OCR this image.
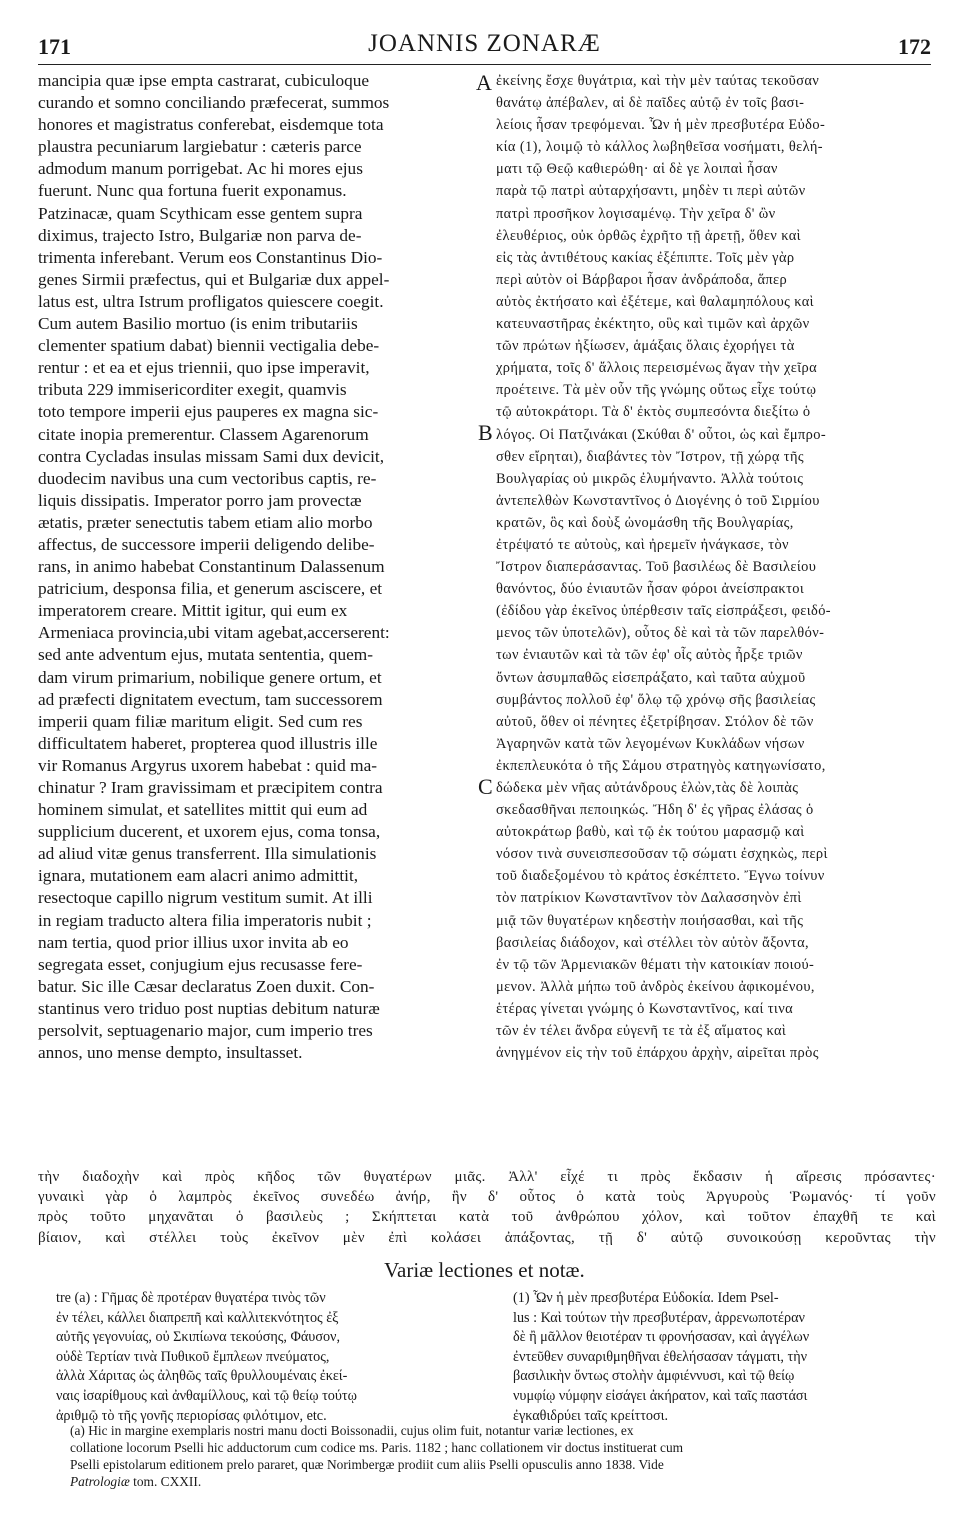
171	JOANNIS ZONARÆ	172

mancipia quæ ipse empta castrarat, cubiculoque

curando et somno conciliando præfecerat, summos

honores et magistratus conferebat, eisdemque tota

plaustra pecuniarum largiebatur : cæteris parce

admodum manum porrigebat. Ac hi mores ejus

fuerunt. Nunc qua fortuna fuerit exponamus.

Patzinacæ, quam Scythicam esse gentem supra

diximus, trajecto Istro, Bulgariæ non parva de-

trimenta inferebant. Verum eos Constantinus Dio-

genes Sirmii præfectus, qui et Bulgariæ dux appel-

latus est, ultra Istrum profligatos quiescere coegit.

Cum autem Basilio mortuo (is enim tributariis

clementer spatium dabat) biennii vectigalia debe-

rentur : et ea et ejus triennii, quo ipse imperavit,

tributa 229 immisericorditer exegit, quamvis

toto tempore imperii ejus pauperes ex magna sic-

citate inopia premerentur. Classem Agarenorum

contra Cycladas insulas missam Sami dux devicit,

duodecim navibus una cum vectoribus captis, re-

liquis dissipatis. Imperator porro jam provectæ

ætatis, præter senectutis tabem etiam alio morbo

affectus, de successore imperii deligendo delibe-

rans, in animo habebat Constantinum Dalassenum

patricium, desponsa filia, et generum asciscere, et

imperatorem creare. Mittit igitur, qui eum ex

Armeniaca provincia,ubi vitam agebat,accerserent:

sed ante adventum ejus, mutata sententia, quem-

dam virum primarium, nobilique genere ortum, et

ad præfecti dignitatem evectum, tam successorem

imperii quam filiæ maritum eligit. Sed cum res

difficultatem haberet, propterea quod illustris ille

vir Romanus Argyrus uxorem habebat : quid ma-

chinatur ? Iram gravissimam et præcipitem contra

hominem simulat, et satellites mittit qui eum ad

supplicium ducerent, et uxorem ejus, coma tonsa,

ad aliud vitæ genus transferrent. Illa simulationis

ignara, mutationem eam alacri animo admittit,

resectoque capillo nigrum vestitum sumit. At illi

in regiam traducto altera filia imperatoris nubit ;

nam tertia, quod prior illius uxor invita ab eo

segregata esset, conjugium ejus recusasse fere-

batur. Sic ille Cæsar declaratus Zoen duxit. Con-

stantinus vero triduo post nuptias debitum naturæ

persolvit, septuagenario major, cum imperio tres

annos, uno mense dempto, insultasset.

A
B
C

ἐκείνης ἔσχε θυγάτρια, καὶ τὴν μὲν ταύτας τεκοῦσαν

θανάτῳ ἀπέβαλεν, αἱ δὲ παῖδες αὐτῷ ἐν τοῖς βασι-

λείοις ἦσαν τρεφόμεναι. Ὧν ἡ μὲν πρεσβυτέρα Εὐδο-

κία (1), λοιμῷ τὸ κάλλος λωβηθεῖσα νοσήματι, θελή-

ματι τῷ Θεῷ καθιερώθη· αἱ δὲ γε λοιπαὶ ἦσαν

παρὰ τῷ πατρὶ αὐταρχήσαντι, μηδὲν τι περὶ αὐτῶν

πατρὶ προσῆκον λογισαμένῳ. Τὴν χεῖρα δ' ὢν

ἐλευθέριος, οὐκ ὀρθῶς ἐχρῆτο τῇ ἀρετῇ, ὅθεν καὶ

εἰς τὰς ἀντιθέτους κακίας ἐξέπιπτε. Τοῖς μὲν γὰρ

περὶ αὐτὸν οἱ Βάρβαροι ἦσαν ἀνδράποδα, ἅπερ

αὐτὸς ἐκτήσατο καὶ ἐξέτεμε, καὶ θαλαμηπόλους καὶ

κατευναστῆρας ἐκέκτητο, οὓς καὶ τιμῶν καὶ ἀρχῶν

τῶν πρώτων ἠξίωσεν, ἁμάξαις ὅλαις ἐχορήγει τὰ

χρήματα, τοῖς δ' ἄλλοις περεισμένως ἄγαν τὴν χεῖρα

προέτεινε. Τὰ μὲν οὖν τῆς γνώμης οὕτως εἶχε τούτῳ

τῷ αὐτοκράτορι. Τὰ δ' ἐκτὸς συμπεσόντα διεξίτω ὁ

λόγος. Οἱ Πατζινάκαι (Σκύθαι δ' οὗτοι, ὡς καὶ ἔμπρο-

σθεν εἴρηται), διαβάντες τὸν Ἴστρον, τῇ χώρᾳ τῆς

Βουλγαρίας οὐ μικρῶς ἐλυμήναντο. Ἀλλὰ τούτοις

ἀντεπελθὼν Κωνσταντῖνος ὁ Διογένης ὁ τοῦ Σιρμίου

κρατῶν, ὃς καὶ δοὺξ ὠνομάσθη τῆς Βουλγαρίας,

ἐτρέψατό τε αὐτοὺς, καὶ ἠρεμεῖν ἠνάγκασε, τὸν

Ἴστρον διαπεράσαντας. Τοῦ βασιλέως δὲ Βασιλείου

θανόντος, δύο ἐνιαυτῶν ἦσαν φόροι ἀνείσπρακτοι

(ἐδίδου γὰρ ἐκεῖνος ὑπέρθεσιν ταῖς εἰσπράξεσι, φειδό-

μενος τῶν ὑποτελῶν), οὗτος δὲ καὶ τὰ τῶν παρελθόν-

των ἐνιαυτῶν καὶ τὰ τῶν ἐφ' οἷς αὐτὸς ἦρξε τριῶν

ὄντων ἀσυμπαθῶς εἰσεπράξατο, καὶ ταῦτα αὐχμοῦ

συμβάντος πολλοῦ ἐφ' ὅλῳ τῷ χρόνῳ σῆς βασιλείας

αὐτοῦ, ὅθεν οἱ πένητες ἐξετρίβησαν. Στόλον δὲ τῶν

Ἀγαρηνῶν κατὰ τῶν λεγομένων Κυκλάδων νήσων

ἐκπεπλευκότα ὁ τῆς Σάμου στρατηγὸς κατηγωνίσατο,

δώδεκα μὲν νῆας αὐτάνδρους ἑλὼν,τὰς δὲ λοιπὰς

σκεδασθῆναι πεποιηκώς. Ἤδη δ' ἐς γῆρας ἐλάσας ὁ

αὐτοκράτωρ βαθὺ, καὶ τῷ ἐκ τούτου μαρασμῷ καὶ

νόσον τινὰ συνεισπεσοῦσαν τῷ σώματι ἐσχηκὼς, περὶ

τοῦ διαδεξομένου τὸ κράτος ἐσκέπτετο. Ἔγνω τοίνυν

τὸν πατρίκιον Κωνσταντῖνον τὸν Δαλασσηνὸν ἐπὶ

μιᾷ τῶν θυγατέρων κηδεστὴν ποιήσασθαι, καὶ τῆς

βασιλείας διάδοχον, καὶ στέλλει τὸν αὐτὸν ἄξοντα,

ἐν τῷ τῶν Ἀρμενιακῶν θέματι τὴν κατοικίαν ποιού-

μενον. Ἀλλὰ μήπω τοῦ ἀνδρὸς ἐκείνου ἀφικομένου,

ἑτέρας γίνεται γνώμης ὁ Κωνσταντῖνος, καί τινα

τῶν ἐν τέλει ἄνδρα εὐγενῆ τε τὰ ἐξ αἵματος καὶ

ἀνηγμένον εἰς τὴν τοῦ ἐπάρχου ἀρχὴν, αἱρεῖται πρὸς

τὴν διαδοχὴν καὶ πρὸς κῆδος τῶν θυγατέρων μιᾶς. Ἀλλ' εἶχέ τι πρὸς ἔκδασιν ἡ αἵρεσις πρόσαντες·

γυναικὶ γὰρ ὁ λαμπρὸς ἐκεῖνος συνεδέω ἀνήρ, ἣν δ' οὗτος ὁ κατὰ τοὺς Ἀργυροὺς Ῥωμανός· τί γοῦν

πρὸς τοῦτο μηχανᾶται ὁ βασιλεὺς ; Σκήπτεται κατὰ τοῦ ἀνθρώπου χόλον, καὶ τοῦτον ἐπαχθῆ τε καὶ

βίαιον, καὶ στέλλει τοὺς ἐκεῖνον μὲν ἐπὶ κολάσει ἀπάξοντας, τῇ δ' αὐτῷ συνοικούσῃ κεροῦντας τὴν

Variæ lectiones et notæ.

tre (a) : Γῆμας δὲ προτέραν θυγατέρα τινὸς τῶν

ἐν τέλει, κάλλει διαπρεπῆ καὶ καλλιτεκνότητος ἐξ

αὐτῆς γεγονυίας, οὐ Σκιπίωνα τεκούσης, Φάυσον,

οὐδὲ Τερτίαν τινὰ Πυθικοῦ ἔμπλεων πνεύματος,

ἀλλὰ Χάριτας ὡς ἀληθῶς ταῖς θρυλλουμέναις ἐκεί-

ναις ἰσαρίθμους καὶ ἀνθαμίλλους, καὶ τῷ θείῳ τούτῳ

ἀριθμῷ τὸ τῆς γονῆς περιορίσας φιλότιμον, etc.

(1) Ὧν ἡ μὲν πρεσβυτέρα Εὐδοκία. Idem Psel-

lus : Καὶ τούτων τὴν πρεσβυτέραν, ἀρρενωποτέραν

δὲ ἢ μᾶλλον θειοτέραν τι φρονήσασαν, καὶ ἀγγέλων

ἐντεῦθεν συναριθμηθῆναι ἐθελήσασαν τάγματι, τὴν

βασιλικὴν ὄντως στολὴν ἀμφιέννυσι, καὶ τῷ θείῳ

νυμφίῳ νύμφην εἰσάγει ἀκήρατον, καὶ ταῖς παστάσι

ἐγκαθιδρύει ταῖς κρείττοσι.

(a) Hic in margine exemplaris nostri manu docti Boissonadii, cujus olim fuit, notantur variæ lectiones, ex

collatione locorum Pselli hic adductorum cum codice ms. Paris. 1182 ; hanc collationem vir doctus instituerat cum

Pselli epistolarum editionem prelo pararet, quæ Norimbergæ prodiit cum aliis Pselli opusculis anno 1838. Vide

Patrologiæ tom. CXXII.
